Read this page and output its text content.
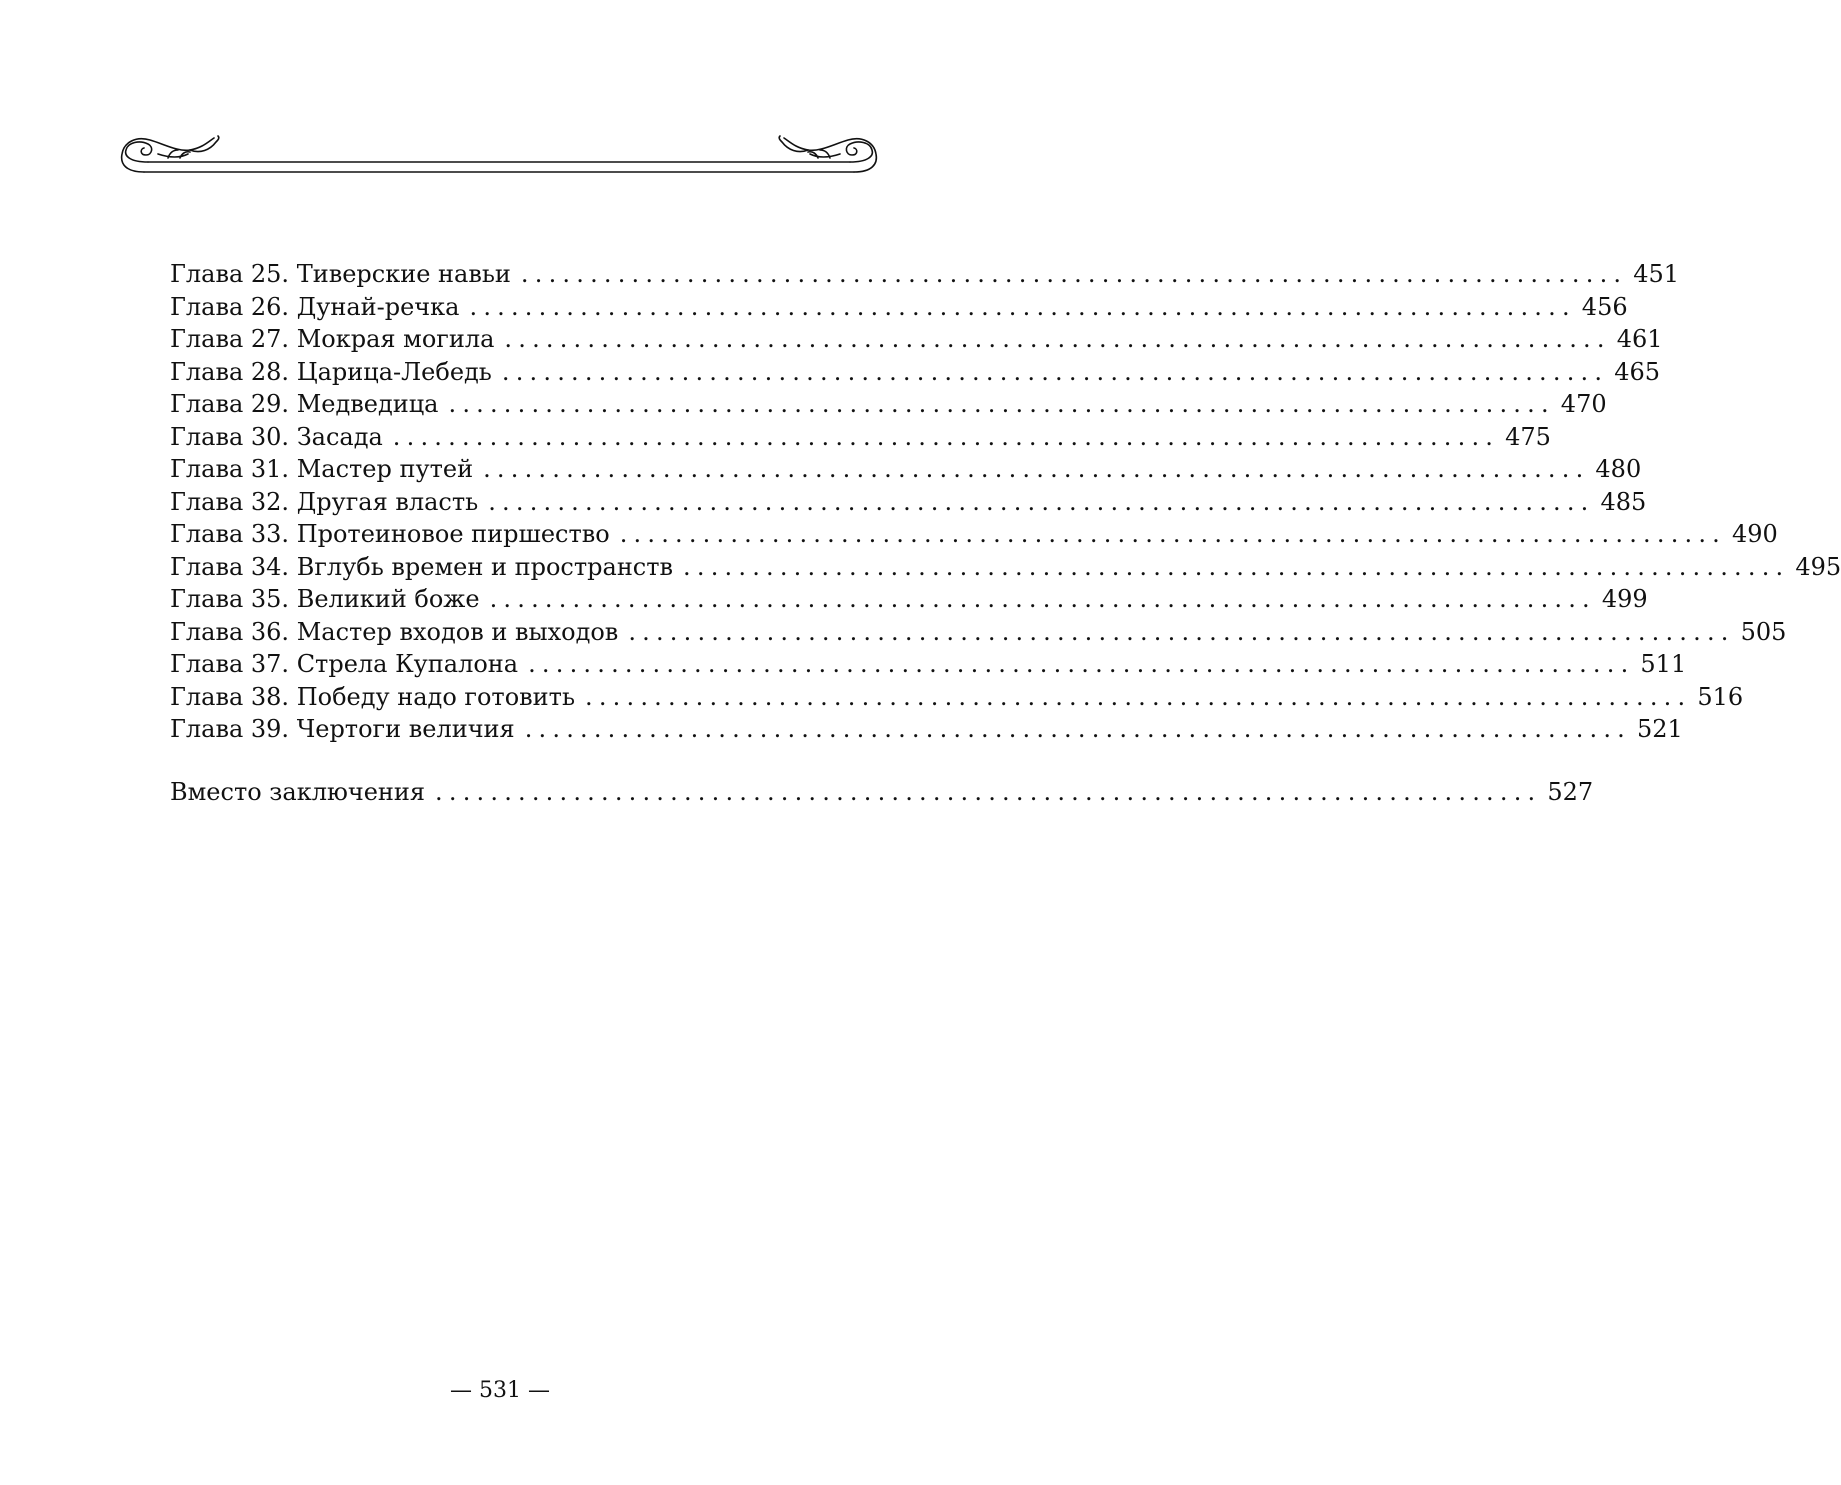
Глава 25. Тиверские навьи ................................................................................ 451
Глава 26. Дунай-речка ................................................................................ 456
Глава 27. Мокрая могила ................................................................................ 461
Глава 28. Царица-Лебедь ................................................................................ 465
Глава 29. Медведица ................................................................................ 470
Глава 30. Засада ................................................................................ 475
Глава 31. Мастер путей ................................................................................ 480
Глава 32. Другая власть ................................................................................ 485
Глава 33. Протеиновое пиршество ................................................................................ 490
Глава 34. Вглубь времен и пространств ................................................................................ 495
Глава 35. Великий боже ................................................................................ 499
Глава 36. Мастер входов и выходов ................................................................................ 505
Глава 37. Стрела Купалона ................................................................................ 511
Глава 38. Победу надо готовить ................................................................................ 516
Глава 39. Чертоги величия ................................................................................ 521
Вместо заключения ................................................................................ 527
— 531 —
